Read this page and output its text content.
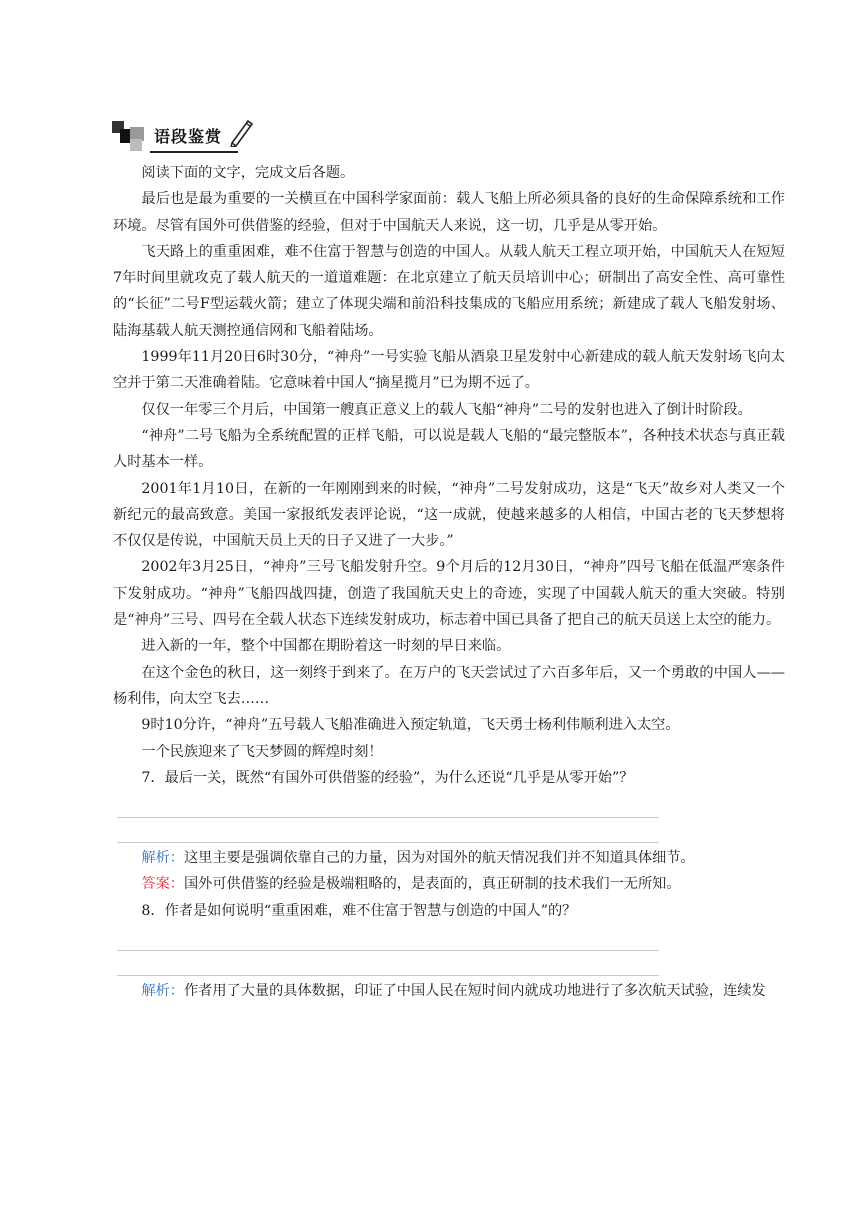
语段鉴赏

阅读下面的文字，完成文后各题。

最后也是最为重要的一关横亘在中国科学家面前：载人飞船上所必须具备的良好的生命保障系统和工作环境。尽管有国外可供借鉴的经验，但对于中国航天人来说，这一切，几乎是从零开始。

飞天路上的重重困难，难不住富于智慧与创造的中国人。从载人航天工程立项开始，中国航天人在短短7年时间里就攻克了载人航天的一道道难题：在北京建立了航天员培训中心；研制出了高安全性、高可靠性的“长征”二号F型运载火箭；建立了体现尖端和前沿科技集成的飞船应用系统；新建成了载人飞船发射场、陆海基载人航天测控通信网和飞船着陆场。

1999年11月20日6时30分，“神舟”一号实验飞船从酒泉卫星发射中心新建成的载人航天发射场飞向太空并于第二天准确着陆。它意味着中国人“摘星揽月”已为期不远了。

仅仅一年零三个月后，中国第一艘真正意义上的载人飞船“神舟”二号的发射也进入了倒计时阶段。

“神舟”二号飞船为全系统配置的正样飞船，可以说是载人飞船的“最完整版本”，各种技术状态与真正载人时基本一样。

2001年1月10日，在新的一年刚刚到来的时候，“神舟”二号发射成功，这是“飞天”故乡对人类又一个新纪元的最高致意。美国一家报纸发表评论说，“这一成就，使越来越多的人相信，中国古老的飞天梦想将不仅仅是传说，中国航天员上天的日子又进了一大步。”

2002年3月25日，“神舟”三号飞船发射升空。9个月后的12月30日，“神舟”四号飞船在低温严寒条件下发射成功。“神舟”飞船四战四捷，创造了我国航天史上的奇迹，实现了中国载人航天的重大突破。特别是“神舟”三号、四号在全载人状态下连续发射成功，标志着中国已具备了把自己的航天员送上太空的能力。

进入新的一年，整个中国都在期盼着这一时刻的早日来临。

在这个金色的秋日，这一刻终于到来了。在万户的飞天尝试过了六百多年后，又一个勇敢的中国人——杨利伟，向太空飞去……

9时10分许，“神舟”五号载人飞船准确进入预定轨道，飞天勇士杨利伟顺利进入太空。

一个民族迎来了飞天梦圆的辉煌时刻！

7．最后一关，既然“有国外可供借鉴的经验”，为什么还说“几乎是从零开始”？

解析：这里主要是强调依靠自己的力量，因为对国外的航天情况我们并不知道具体细节。

答案：国外可供借鉴的经验是极端粗略的，是表面的，真正研制的技术我们一无所知。

8．作者是如何说明“重重困难，难不住富于智慧与创造的中国人”的？

解析：作者用了大量的具体数据，印证了中国人民在短时间内就成功地进行了多次航天试验，连续发
